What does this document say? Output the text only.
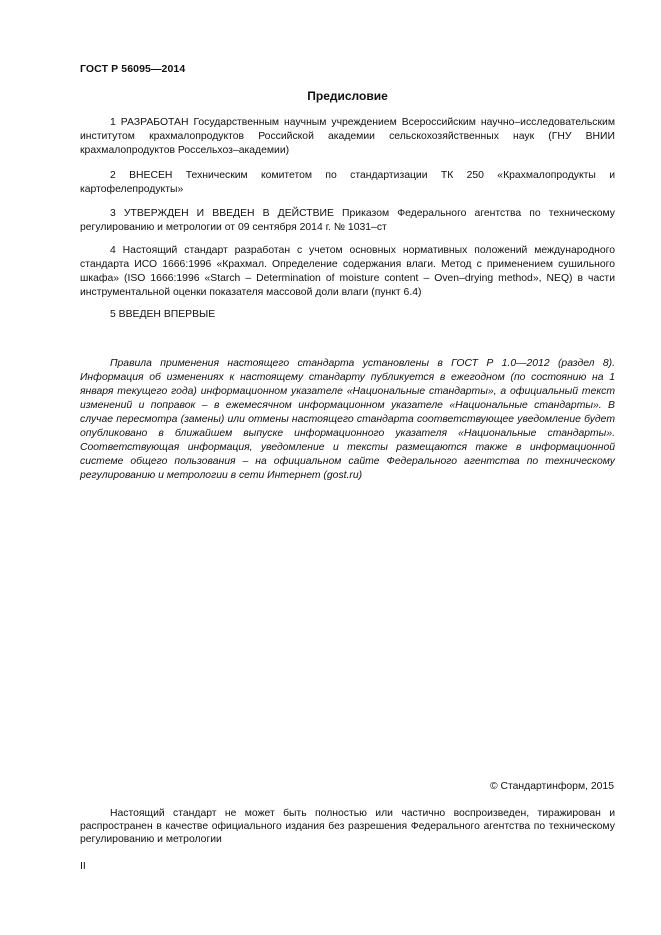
ГОСТ Р 56095—2014
Предисловие

1 РАЗРАБОТАН Государственным научным учреждением Всероссийским научно–исследовательским институтом крахмалопродуктов Российской академии сельскохозяйственных наук (ГНУ ВНИИ крахмалопродуктов Россельхоз–академии)

2 ВНЕСЕН Техническим комитетом по стандартизации ТК 250 «Крахмалопродукты и картофелепродукты»

3 УТВЕРЖДЕН И ВВЕДЕН В ДЕЙСТВИЕ Приказом Федерального агентства по техническому регулированию и метрологии от 09 сентября 2014 г. № 1031–ст

4 Настоящий стандарт разработан с учетом основных нормативных положений международного стандарта ИСО 1666:1996 «Крахмал. Определение содержания влаги. Метод с применением сушильного шкафа» (ISO 1666:1996 «Starch – Determination of moisture content – Oven–drying method», NEQ) в части инструментальной оценки показателя массовой доли влаги (пункт 6.4)

5 ВВЕДЕН ВПЕРВЫЕ

Правила применения настоящего стандарта установлены в ГОСТ Р 1.0—2012 (раздел 8). Информация об изменениях к настоящему стандарту публикуется в ежегодном (по состоянию на 1 января текущего года) информационном указателе «Национальные стандарты», а официальный текст изменений и поправок – в ежемесячном информационном указателе «Национальные стандарты». В случае пересмотра (замены) или отмены настоящего стандарта соответствующее уведомление будет опубликовано в ближайшем выпуске информационного указателя «Национальные стандарты». Соответствующая информация, уведомление и тексты размещаются также в информационной системе общего пользования – на официальном сайте Федерального агентства по техническому регулированию и метрологии в сети Интернет (gost.ru)

© Стандартинформ, 2015

Настоящий стандарт не может быть полностью или частично воспроизведен, тиражирован и распространен в качестве официального издания без разрешения Федерального агентства по техническому регулированию и метрологии

II
